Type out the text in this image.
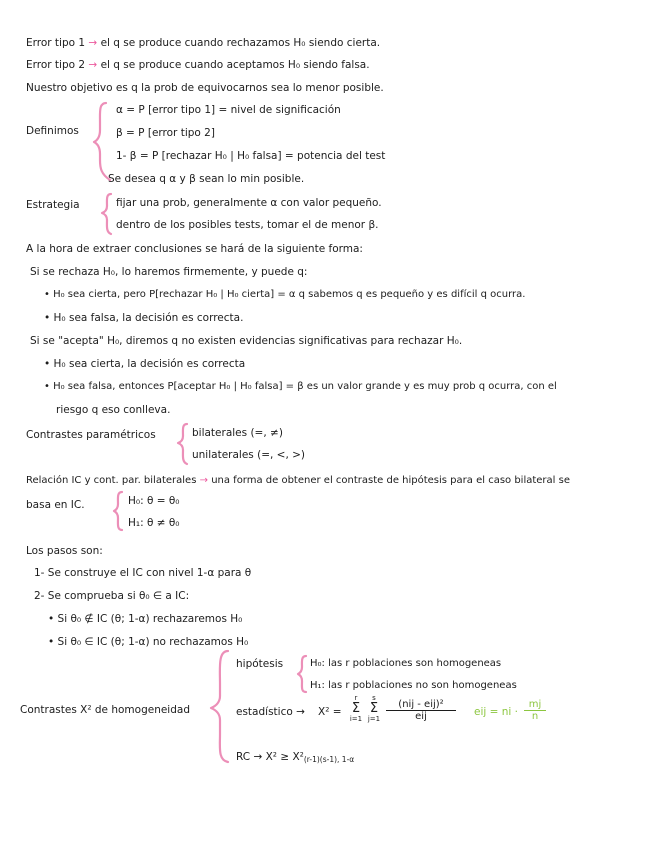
Error tipo 1 → el q se produce cuando rechazamos H₀ siendo cierta.
Error tipo 2 → el q se produce cuando aceptamos H₀ siendo falsa.
Nuestro objetivo es q la prob de equivocarnos sea lo menor posible.
Definimos
α = P [error tipo 1] = nivel de significación
β = P [error tipo 2]
1- β = P [rechazar H₀ | H₀ falsa] = potencia del test
Se desea q α y β sean lo min posible.
Estrategia	fijar una prob, generalmente α con valor pequeño.
dentro de los posibles tests, tomar el de menor β.
A la hora de extraer conclusiones se hará de la siguiente forma:
Si se rechaza H₀, lo haremos firmemente, y puede q:
• H₀ sea cierta, pero P[rechazar H₀ | H₀ cierta] = α q sabemos q es pequeño y es difícil q ocurra.
• H₀ sea falsa, la decisión es correcta.
Si se "acepta" H₀, diremos q no existen evidencias significativas para rechazar H₀.
• H₀ sea cierta, la decisión es correcta
• H₀ sea falsa, entonces P[aceptar H₀ | H₀ falsa] = β es un valor grande y es muy prob q ocurra, con el
riesgo q eso conlleva.
Contrastes paramétricos	bilaterales (=, ≠)
unilaterales (=, <, >)
Relación IC y cont. par. bilaterales → una forma de obtener el contraste de hipótesis para el caso bilateral se
basa en IC.	H₀: θ = θ₀
H₁: θ ≠ θ₀
Los pasos son:
1- Se construye el IC con nivel 1-α para θ
2- Se comprueba si θ₀ ∈ a IC:
• Si θ₀ ∉ IC (θ; 1-α) rechazaremos H₀
• Si θ₀ ∈ IC (θ; 1-α) no rechazamos H₀
Contrastes X² de homogeneidad
hipótesis	H₀: las r poblaciones son homogeneas
H₁: las r poblaciones no son homogeneas
estadístico → X² =
r
Σ
i=1
s
Σ
j=1
(nij - eij)²
eij	eij = ni · $\frac{mj}{n}$
RC → $X^2 \ge X^2_{(r-1)(s-1), 1-\alpha}$
